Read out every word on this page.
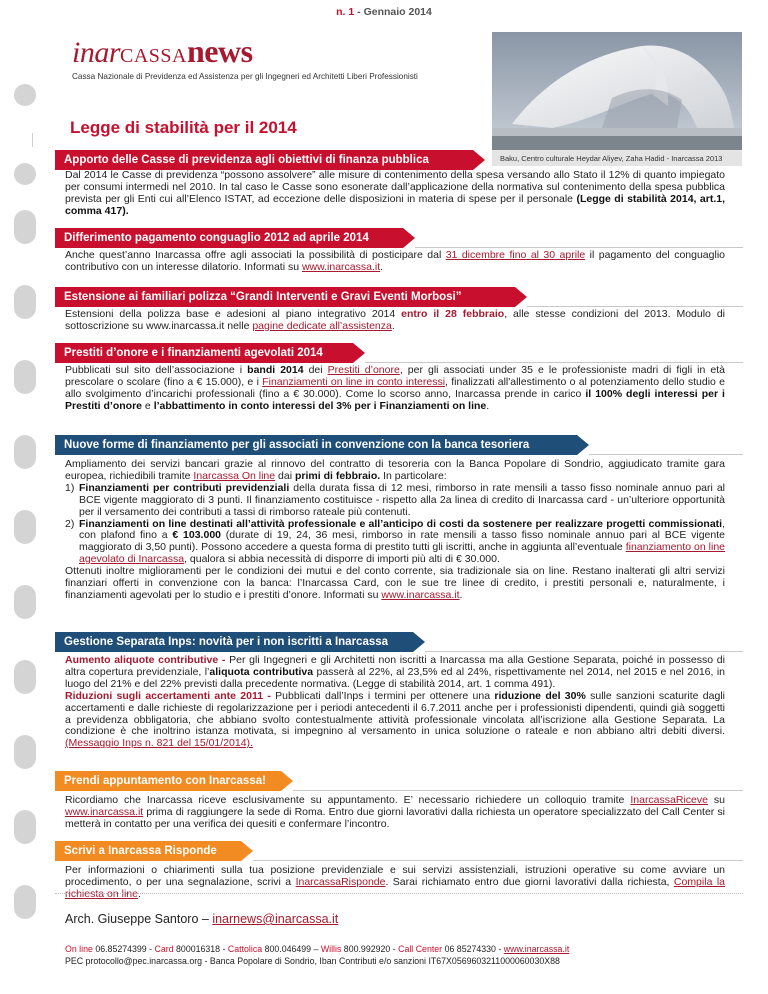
n. 1 - Gennaio 2014
inarCASSAnews
Cassa Nazionale di Previdenza ed Assistenza per gli Ingegneri ed Architetti Liberi Professionisti
Baku, Centro culturale Heydar Aliyev, Zaha Hadid - Inarcassa 2013
Legge di stabilità per il 2014
Apporto delle Casse di previdenza agli obiettivi di finanza pubblica
Dal 2014 le Casse di previdenza “possono assolvere” alle misure di contenimento della spesa versando allo Stato il 12% di quanto impiegato per consumi intermedi nel 2010. In tal caso le Casse sono esonerate dall’applicazione della normativa sul contenimento della spesa pubblica prevista per gli Enti cui all’Elenco ISTAT, ad eccezione delle disposizioni in materia di spese per il personale (Legge di stabilità 2014, art.1, comma 417).
Differimento pagamento conguaglio 2012 ad aprile 2014
Anche quest’anno Inarcassa offre agli associati la possibilità di posticipare dal 31 dicembre fino al 30 aprile il pagamento del conguaglio contributivo con un interesse dilatorio. Informati su www.inarcassa.it.
Estensione ai familiari polizza “Grandi Interventi e Gravi Eventi Morbosi”
Estensioni della polizza base e adesioni al piano integrativo 2014 entro il 28 febbraio, alle stesse condizioni del 2013. Modulo di sottoscrizione su www.inarcassa.it nelle pagine dedicate all’assistenza.
Prestiti d’onore e i finanziamenti agevolati 2014
Pubblicati sul sito dell’associazione i bandi 2014 dei Prestiti d’onore, per gli associati under 35 e le professioniste madri di figli in età prescolare o scolare (fino a € 15.000), e i Finanziamenti on line in conto interessi, finalizzati all'allestimento o al potenziamento dello studio e allo svolgimento d’incarichi professionali (fino a € 30.000). Come lo scorso anno, Inarcassa prende in carico il 100% degli interessi per i Prestiti d’onore e l’abbattimento in conto interessi del 3% per i Finanziamenti on line.
Nuove forme di finanziamento per gli associati in convenzione con la banca tesoriera
Ampliamento dei servizi bancari grazie al rinnovo del contratto di tesoreria con la Banca Popolare di Sondrio, aggiudicato tramite gara europea, richiedibili tramite Inarcassa On line dai primi di febbraio. In particolare:
1) Finanziamenti per contributi previdenziali della durata fissa di 12 mesi, rimborso in rate mensili a tasso fisso nominale annuo pari al BCE vigente maggiorato di 3 punti. Il finanziamento costituisce - rispetto alla 2a linea di credito di Inarcassa card - un’ulteriore opportunità per il versamento dei contributi a tassi di rimborso rateale più contenuti.
2) Finanziamenti on line destinati all’attività professionale e all’anticipo di costi da sostenere per realizzare progetti commissionati, con plafond fino a € 103.000 (durate di 19, 24, 36 mesi, rimborso in rate mensili a tasso fisso nominale annuo pari al BCE vigente maggiorato di 3,50 punti). Possono accedere a questa forma di prestito tutti gli iscritti, anche in aggiunta all’eventuale finanziamento on line agevolato di Inarcassa, qualora si abbia necessità di disporre di importi più alti di € 30.000.
Ottenuti inoltre miglioramenti per le condizioni dei mutui e del conto corrente, sia tradizionale sia on line. Restano inalterati gli altri servizi finanziari offerti in convenzione con la banca: l’Inarcassa Card, con le sue tre linee di credito, i prestiti personali e, naturalmente, i finanziamenti agevolati per lo studio e i prestiti d’onore. Informati su www.inarcassa.it.
Gestione Separata Inps: novità per i non iscritti a Inarcassa
Aumento aliquote contributive - Per gli Ingegneri e gli Architetti non iscritti a Inarcassa ma alla Gestione Separata, poiché in possesso di altra copertura previdenziale, l’aliquota contributiva passerà al 22%, al 23,5% ed al 24%, rispettivamente nel 2014, nel 2015 e nel 2016, in luogo del 21% e del 22% previsti dalla precedente normativa. (Legge di stabilità 2014, art. 1 comma 491).
Riduzioni sugli accertamenti ante 2011 - Pubblicati dall’Inps i termini per ottenere una riduzione del 30% sulle sanzioni scaturite dagli accertamenti e dalle richieste di regolarizzazione per i periodi antecedenti il 6.7.2011 anche per i professionisti dipendenti, quindi già soggetti a previdenza obbligatoria, che abbiano svolto contestualmente attività professionale vincolata all’iscrizione alla Gestione Separata. La condizione è che inoltrino istanza motivata, si impegnino al versamento in unica soluzione o rateale e non abbiano altri debiti diversi. (Messaggio Inps n. 821 del 15/01/2014).
Prendi appuntamento con Inarcassa!
Ricordiamo che Inarcassa riceve esclusivamente su appuntamento. E’ necessario richiedere un colloquio tramite InarcassaRiceve su www.inarcassa.it prima di raggiungere la sede di Roma. Entro due giorni lavorativi dalla richiesta un operatore specializzato del Call Center si metterà in contatto per una verifica dei quesiti e confermare l’incontro.
Scrivi a Inarcassa Risponde
Per informazioni o chiarimenti sulla tua posizione previdenziale e sui servizi assistenziali, istruzioni operative su come avviare un procedimento, o per una segnalazione, scrivi a InarcassaRisponde. Sarai richiamato entro due giorni lavorativi dalla richiesta, Compila la richiesta on line.
Arch. Giuseppe Santoro – inarnews@inarcassa.it
On line 06.85274399 - Card 800016318 - Cattolica 800.046499 – Willis 800.992920 - Call Center 06 85274330 - www.inarcassa.it
PEC protocollo@pec.inarcassa.org - Banca Popolare di Sondrio, Iban Contributi e/o sanzioni IT67X0569603211000060030X88
